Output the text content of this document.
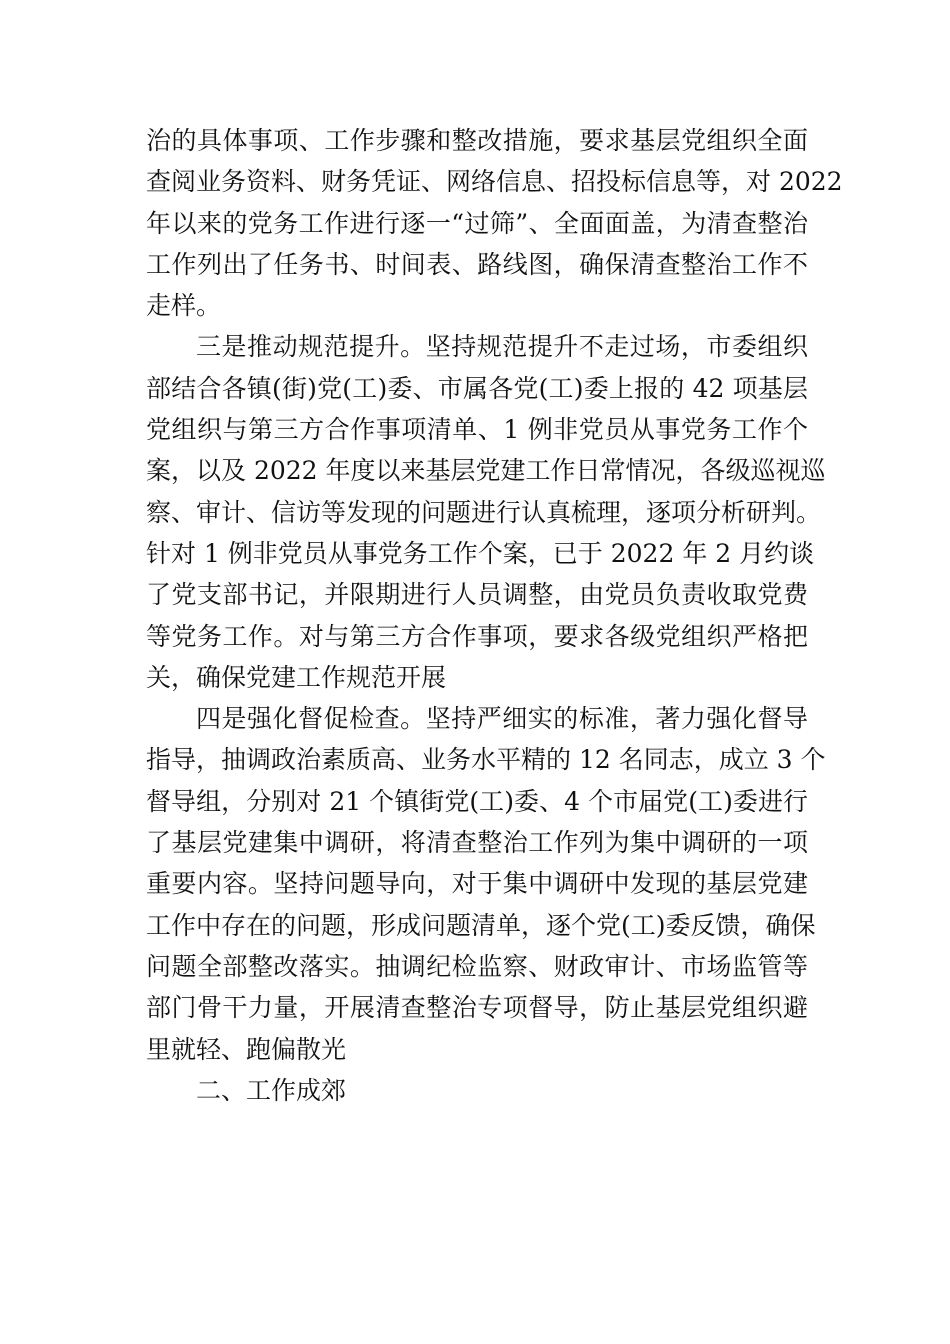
治的具体事项、工作步骤和整改措施，要求基层党组织全面
查阅业务资料、财务凭证、网络信息、招投标信息等，对 2022
年以来的党务工作进行逐一“过筛”、全面面盖，为清查整治
工作列出了任务书、时间表、路线图，确保清查整治工作不
走样。
三是推动规范提升。坚持规范提升不走过场，市委组织
部结合各镇(街)党(工)委、市属各党(工)委上报的 42 项基层
党组织与第三方合作事项清单、1 例非党员从事党务工作个
案，以及 2022 年度以来基层党建工作日常情况，各级巡视巡
察、审计、信访等发现的问题进行认真梳理，逐项分析研判。
针对 1 例非党员从事党务工作个案，已于 2022 年 2 月约谈
了党支部书记，并限期进行人员调整，由党员负责收取党费
等党务工作。对与第三方合作事项，要求各级党组织严格把
关，确保党建工作规范开展
四是强化督促检查。坚持严细实的标准，著力强化督导
指导，抽调政治素质高、业务水平精的 12 名同志，成立 3 个
督导组，分别对 21 个镇街党(工)委、4 个市届党(工)委进行
了基层党建集中调研，将清查整治工作列为集中调研的一项
重要内容。坚持问题导向，对于集中调研中发现的基层党建
工作中存在的问题，形成问题清单，逐个党(工)委反馈，确保
问题全部整改落实。抽调纪检监察、财政审计、市场监管等
部门骨干力量，开展清查整治专项督导，防止基层党组织避
里就轻、跑偏散光
二、工作成郊
